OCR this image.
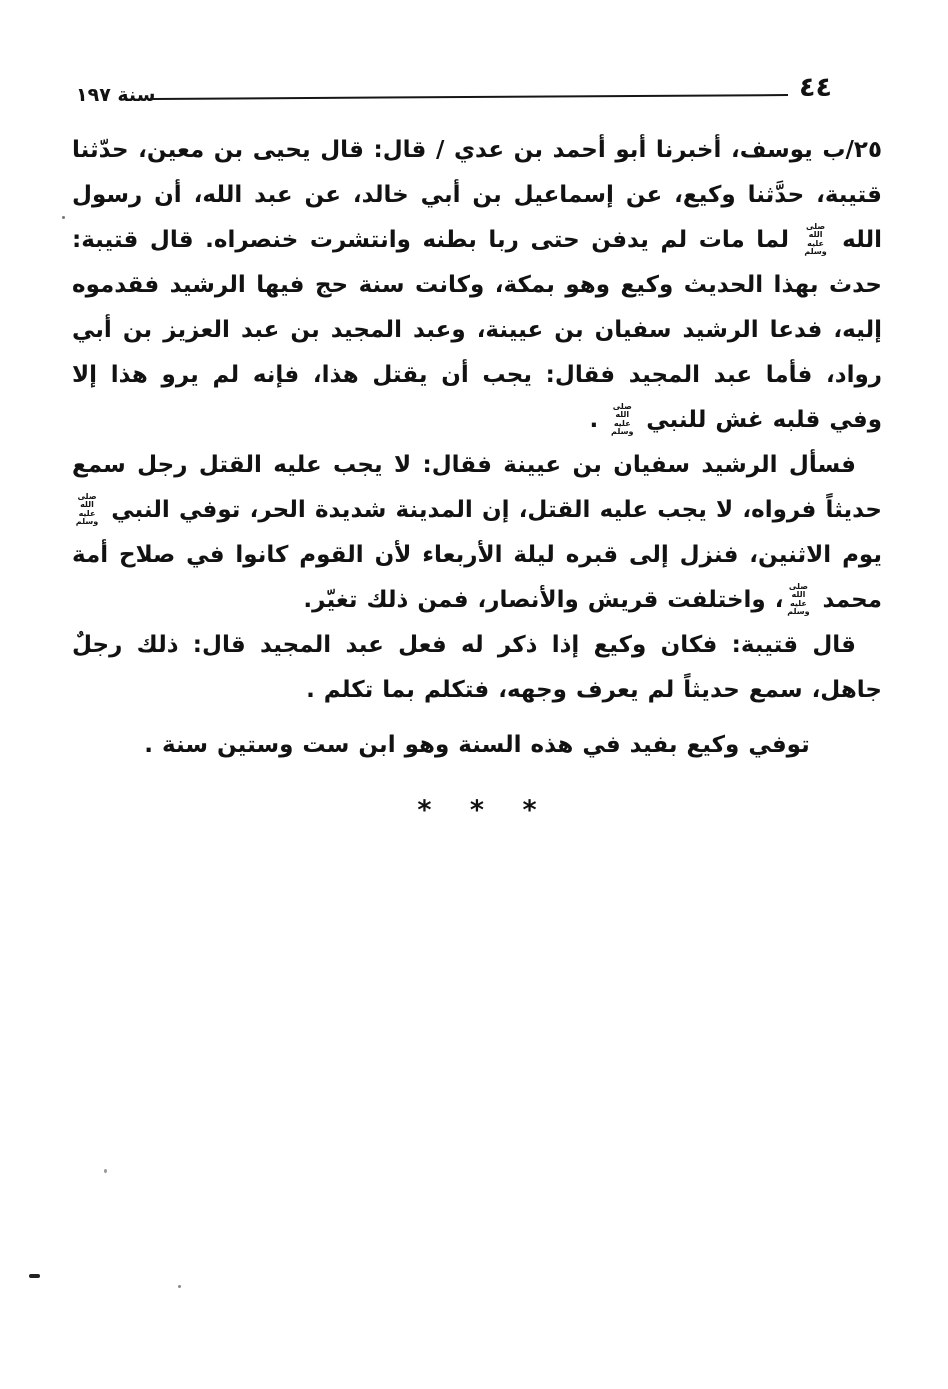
سنة ١٩٧	٤٤

٢٥/ب يوسف، أخبرنا أبو أحمد بن عدي / قال: قال يحيى بن معين، حدّثنا قتيبة، حدَّثنا وكيع، عن إسماعيل بن أبي خالد، عن عبد الله، أن رسول الله صلى الله عليه وسلم لما مات لم يدفن حتى ربا بطنه وانتشرت خنصراه. قال قتيبة: حدث بهذا الحديث وكيع وهو بمكة، وكانت سنة حج فيها الرشيد فقدموه إليه، فدعا الرشيد سفيان بن عيينة، وعبد المجيد بن عبد العزيز بن أبي رواد، فأما عبد المجيد فقال: يجب أن يقتل هذا، فإنه لم يرو هذا إلا وفي قلبه غش للنبي صلى الله عليه وسلم .

فسأل الرشيد سفيان بن عيينة فقال: لا يجب عليه القتل رجل سمع حديثاً فرواه، لا يجب عليه القتل، إن المدينة شديدة الحر، توفي النبي صلى الله عليه وسلم يوم الاثنين، فنزل إلى قبره ليلة الأربعاء لأن القوم كانوا في صلاح أمة محمد صلى الله عليه وسلم، واختلفت قريش والأنصار، فمن ذلك تغيّر.

قال قتيبة: فكان وكيع إذا ذكر له فعل عبد المجيد قال: ذلك رجلٌ جاهل، سمع حديثاً لم يعرف وجهه، فتكلم بما تكلم .

توفي وكيع بفيد في هذه السنة وهو ابن ست وستين سنة .

* * *
